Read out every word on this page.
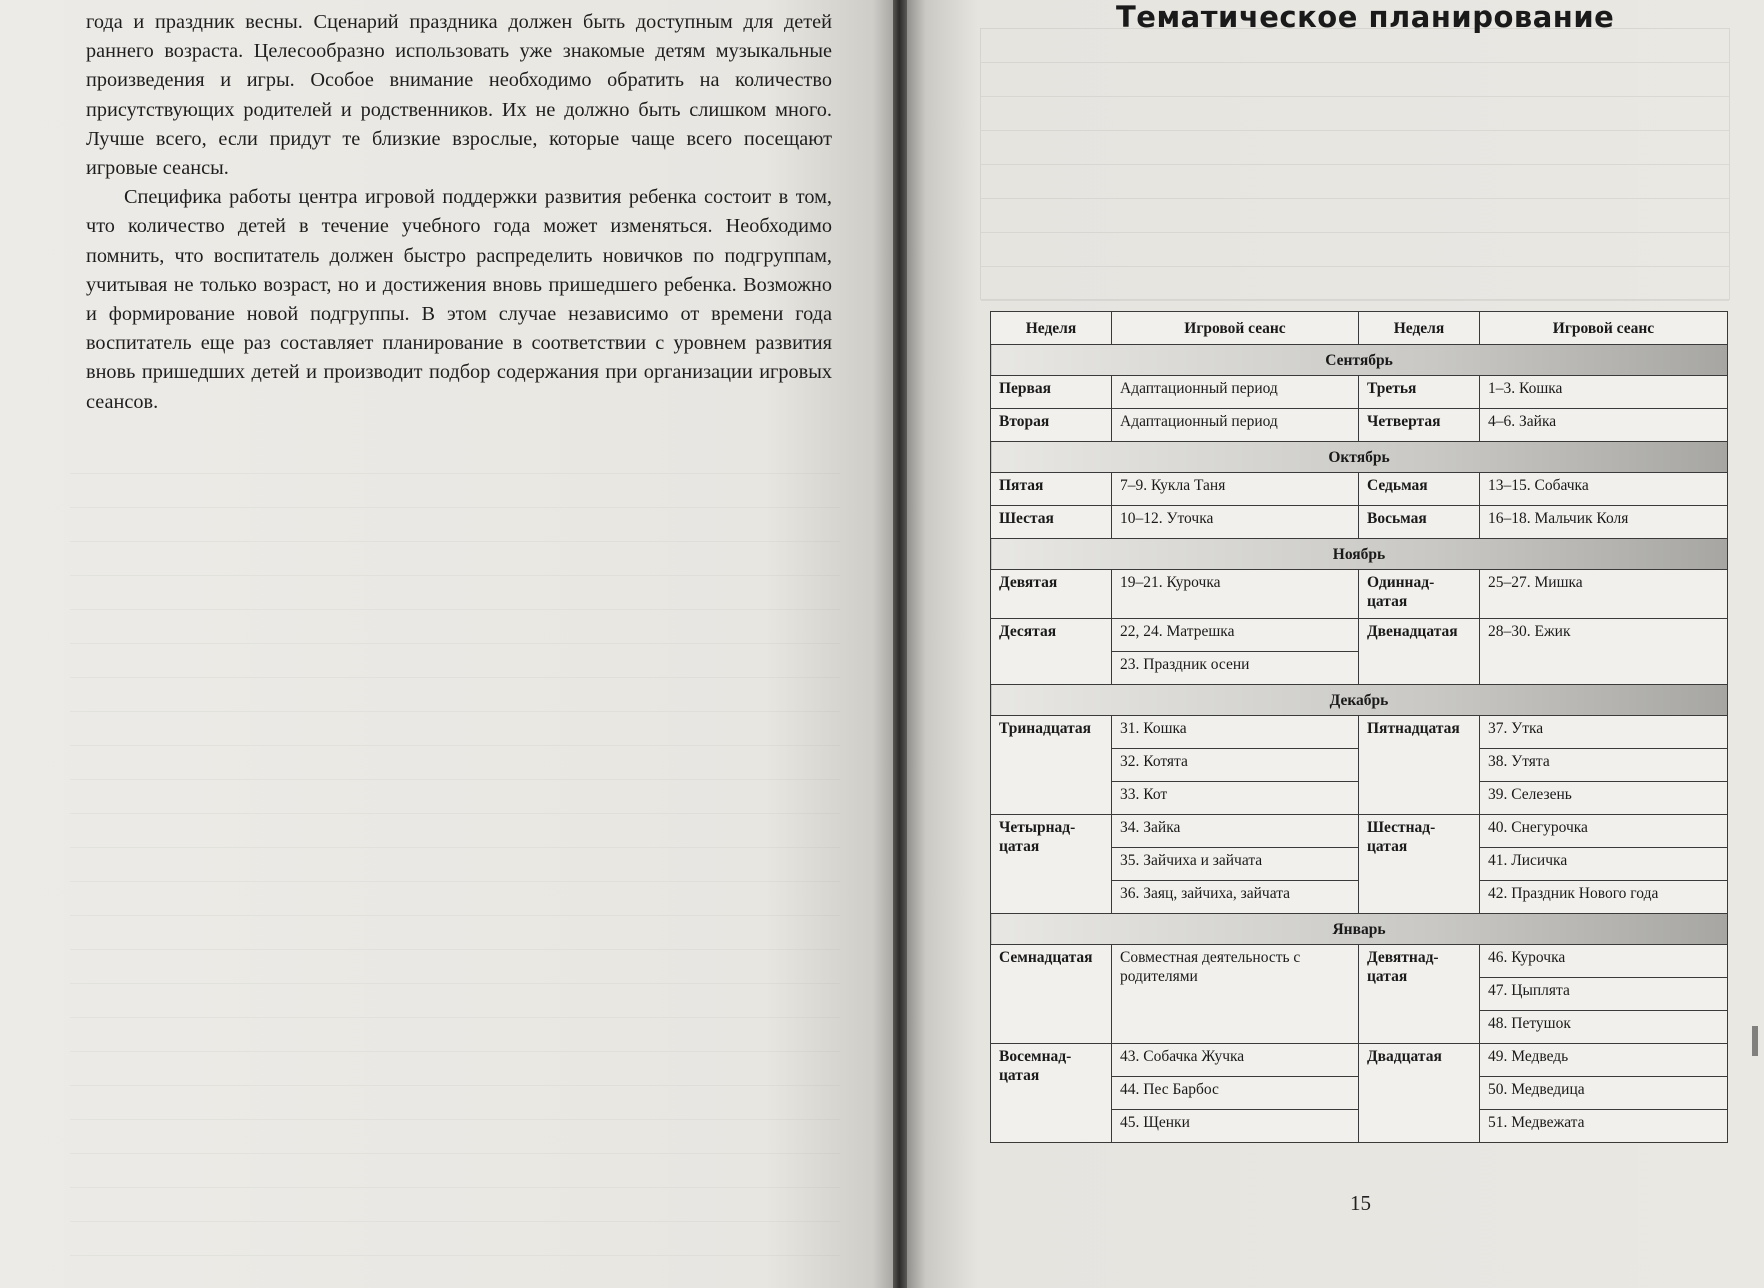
года и праздник весны. Сценарий праздника должен быть доступным для детей раннего возраста. Целесообразно использовать уже знакомые детям музыкальные произведения и игры. Особое внимание необходимо обратить на количество присутствующих родителей и родственников. Их не должно быть слишком много. Лучше всего, если придут те близкие взрослые, которые чаще всего посещают игровые сеансы.

Специфика работы центра игровой поддержки развития ребенка состоит в том, что количество детей в течение учебного года может изменяться. Необходимо помнить, что воспитатель должен быстро распределить новичков по подгруппам, учитывая не только возраст, но и достижения вновь пришедшего ребенка. Возможно и формирование новой подгруппы. В этом случае независимо от времени года воспитатель еще раз составляет планирование в соответствии с уровнем развития вновь пришедших детей и производит подбор содержания при организации игровых сеансов.

Тематическое планирование
Неделя	Игровой сеанс	Неделя	Игровой сеанс
Сентябрь			
Первая	Адаптационный период	Третья	1–3. Кошка
Вторая	Адаптационный период	Четвертая	4–6. Зайка
Октябрь			
Пятая	7–9. Кукла Таня	Седьмая	13–15. Собачка
Шестая	10–12. Уточка	Восьмая	16–18. Мальчик Коля
Ноябрь			
Девятая	19–21. Курочка	Одиннад-цатая	25–27. Мишка
Десятая	22, 24. Матрешка	Двенадцатая	28–30. Ежик
	23. Праздник осени		
Декабрь			
Тринадцатая	31. Кошка	Пятнадцатая	37. Утка
	32. Котята		38. Утята
	33. Кот		39. Селезень
Четырнад-цатая	34. Зайка	Шестнад-цатая	40. Снегурочка
	35. Зайчиха и зайчата		41. Лисичка
	36. Заяц, зайчиха, зайчата		42. Праздник Нового года
Январь			
Семнадцатая	Совместная деятельность с родителями	Девятнад-цатая	46. Курочка
			47. Цыплята
			48. Петушок
Восемнад-цатая	43. Собачка Жучка	Двадцатая	49. Медведь
	44. Пес Барбос		50. Медведица
	45. Щенки		51. Медвежата
15
